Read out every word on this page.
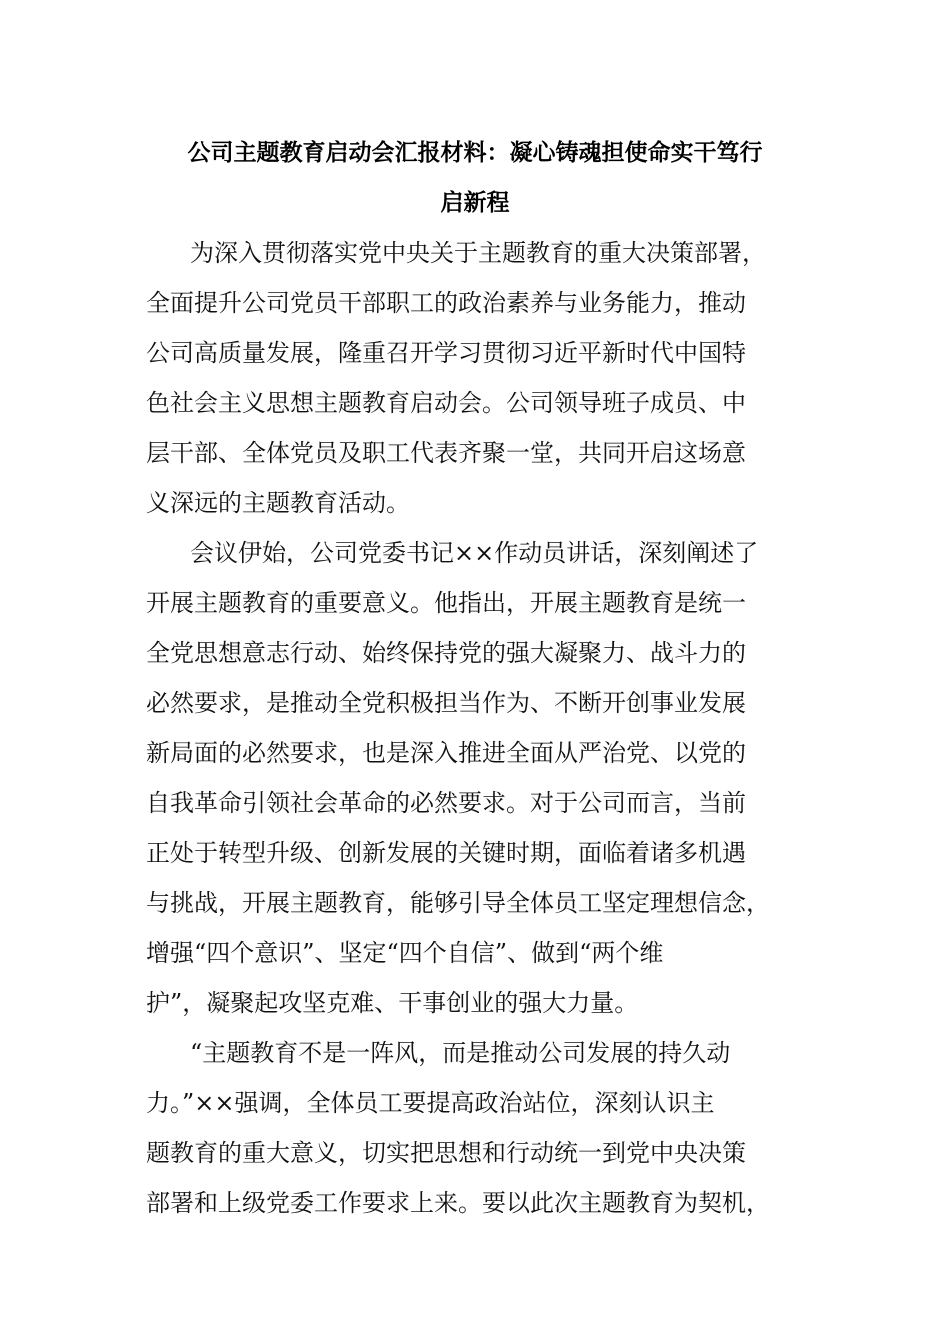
公司主题教育启动会汇报材料：凝心铸魂担使命实干笃行
启新程
为深入贯彻落实党中央关于主题教育的重大决策部署，
全面提升公司党员干部职工的政治素养与业务能力，推动
公司高质量发展，隆重召开学习贯彻习近平新时代中国特
色社会主义思想主题教育启动会。公司领导班子成员、中
层干部、全体党员及职工代表齐聚一堂，共同开启这场意
义深远的主题教育活动。
会议伊始，公司党委书记××作动员讲话，深刻阐述了
开展主题教育的重要意义。他指出，开展主题教育是统一
全党思想意志行动、始终保持党的强大凝聚力、战斗力的
必然要求，是推动全党积极担当作为、不断开创事业发展
新局面的必然要求，也是深入推进全面从严治党、以党的
自我革命引领社会革命的必然要求。对于公司而言，当前
正处于转型升级、创新发展的关键时期，面临着诸多机遇
与挑战，开展主题教育，能够引导全体员工坚定理想信念，
增强“四个意识”、坚定“四个自信”、做到“两个维
护”，凝聚起攻坚克难、干事创业的强大力量。
“主题教育不是一阵风，而是推动公司发展的持久动
力。”××强调，全体员工要提高政治站位，深刻认识主
题教育的重大意义，切实把思想和行动统一到党中央决策
部署和上级党委工作要求上来。要以此次主题教育为契机，
